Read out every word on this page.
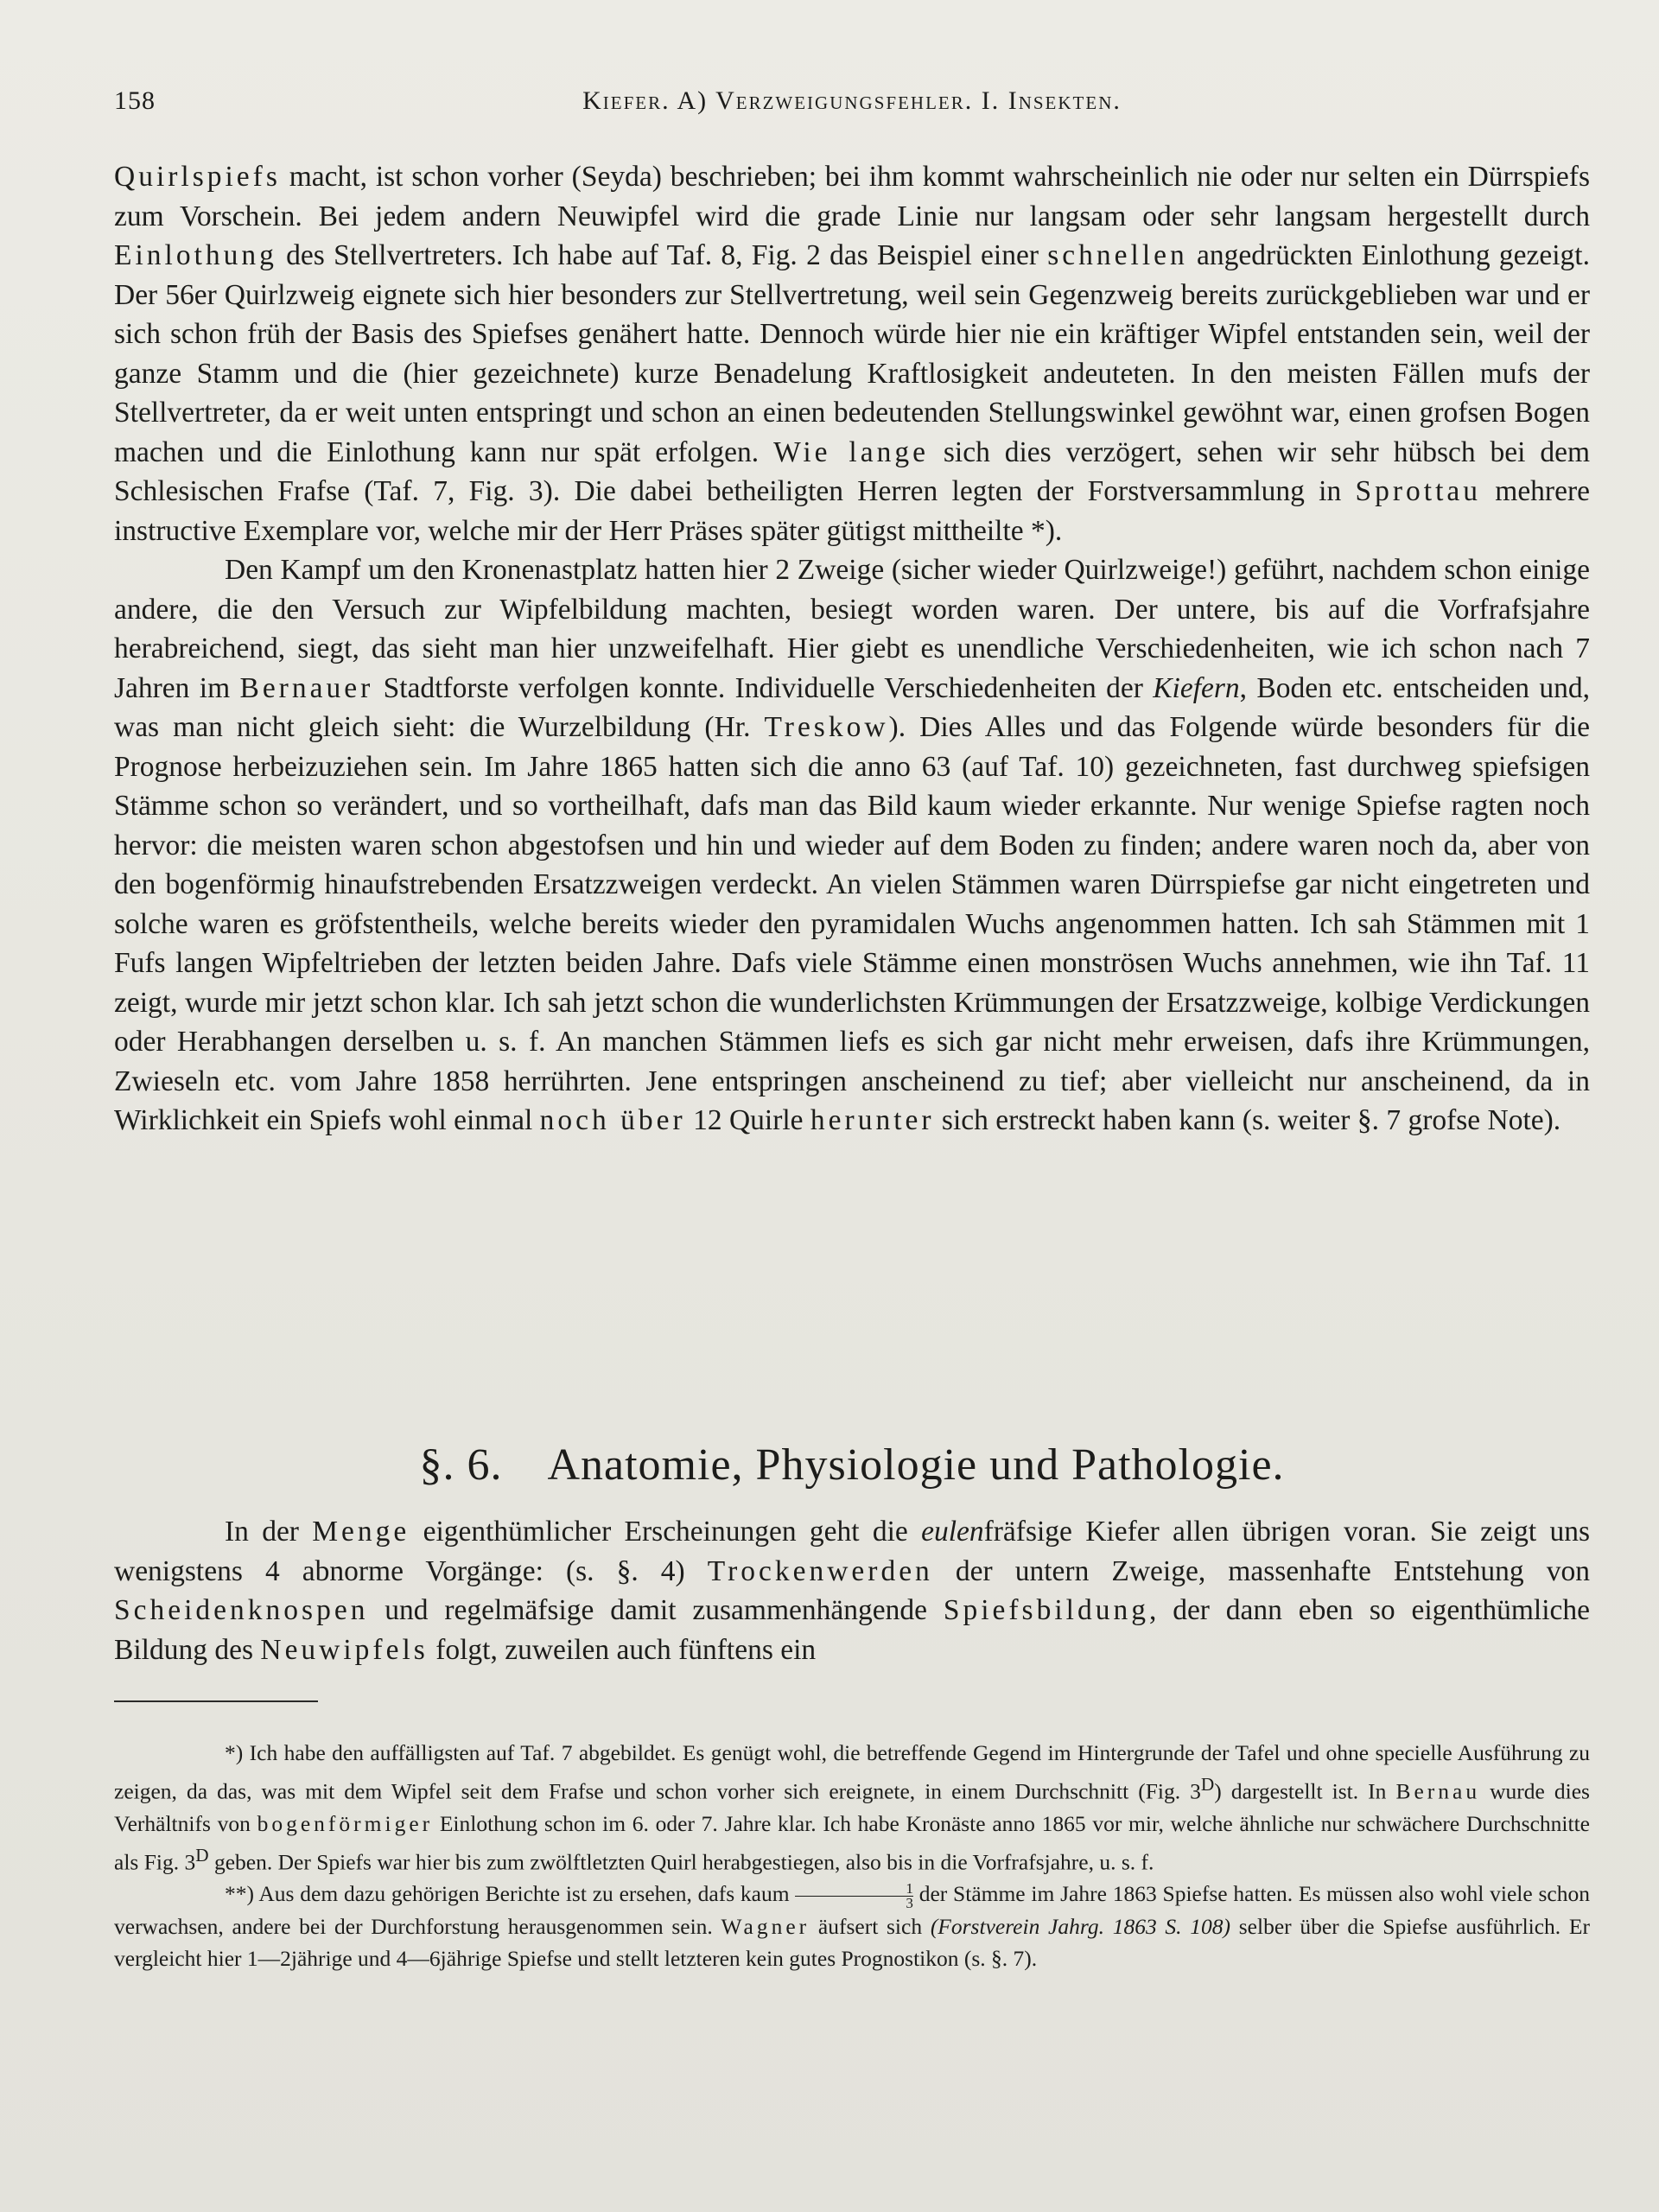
158	Kiefer. A) Verzweigungsfehler. I. Insekten.

Quirlspiefs macht, ist schon vorher (Seyda) beschrieben; bei ihm kommt wahrscheinlich nie oder nur selten ein Dürrspiefs zum Vorschein. Bei jedem andern Neuwipfel wird die grade Linie nur langsam oder sehr langsam hergestellt durch Einlothung des Stellvertreters. Ich habe auf Taf. 8, Fig. 2 das Beispiel einer schnellen angedrückten Einlothung gezeigt. Der 56er Quirlzweig eignete sich hier besonders zur Stellvertretung, weil sein Gegenzweig bereits zurückgeblieben war und er sich schon früh der Basis des Spiefses genähert hatte. Dennoch würde hier nie ein kräftiger Wipfel entstanden sein, weil der ganze Stamm und die (hier gezeichnete) kurze Benadelung Kraftlosigkeit andeuteten. In den meisten Fällen mufs der Stellvertreter, da er weit unten entspringt und schon an einen bedeutenden Stellungswinkel gewöhnt war, einen grofsen Bogen machen und die Einlothung kann nur spät erfolgen. Wie lange sich dies verzögert, sehen wir sehr hübsch bei dem Schlesischen Frafse (Taf. 7, Fig. 3). Die dabei betheiligten Herren legten der Forstversammlung in Sprottau mehrere instructive Exemplare vor, welche mir der Herr Präses später gütigst mittheilte *).

Den Kampf um den Kronenastplatz hatten hier 2 Zweige (sicher wieder Quirlzweige!) geführt, nachdem schon einige andere, die den Versuch zur Wipfelbildung machten, besiegt worden waren. Der untere, bis auf die Vorfrafsjahre herabreichend, siegt, das sieht man hier unzweifelhaft. Hier giebt es unendliche Verschiedenheiten, wie ich schon nach 7 Jahren im Bernauer Stadtforste verfolgen konnte. Individuelle Verschiedenheiten der Kiefern, Boden etc. entscheiden und, was man nicht gleich sieht: die Wurzelbildung (Hr. Treskow). Dies Alles und das Folgende würde besonders für die Prognose herbeizuziehen sein. Im Jahre 1865 hatten sich die anno 63 (auf Taf. 10) gezeichneten, fast durchweg spiefsigen Stämme schon so verändert, und so vortheilhaft, dafs man das Bild kaum wieder erkannte. Nur wenige Spiefse ragten noch hervor: die meisten waren schon abgestofsen und hin und wieder auf dem Boden zu finden; andere waren noch da, aber von den bogenförmig hinaufstrebenden Ersatzzweigen verdeckt. An vielen Stämmen waren Dürrspiefse gar nicht eingetreten und solche waren es gröfstentheils, welche bereits wieder den pyramidalen Wuchs angenommen hatten. Ich sah Stämmen mit 1 Fufs langen Wipfeltrieben der letzten beiden Jahre. Dafs viele Stämme einen monströsen Wuchs annehmen, wie ihn Taf. 11 zeigt, wurde mir jetzt schon klar. Ich sah jetzt schon die wunderlichsten Krümmungen der Ersatzzweige, kolbige Verdickungen oder Herabhangen derselben u. s. f. An manchen Stämmen liefs es sich gar nicht mehr erweisen, dafs ihre Krümmungen, Zwieseln etc. vom Jahre 1858 herrührten. Jene entspringen anscheinend zu tief; aber vielleicht nur anscheinend, da in Wirklichkeit ein Spiefs wohl einmal noch über 12 Quirle herunter sich erstreckt haben kann (s. weiter §. 7 grofse Note).

§. 6. Anatomie, Physiologie und Pathologie.

In der Menge eigenthümlicher Erscheinungen geht die eulenfräfsige Kiefer allen übrigen voran. Sie zeigt uns wenigstens 4 abnorme Vorgänge: (s. §. 4) Trockenwerden der untern Zweige, massenhafte Entstehung von Scheidenknospen und regelmäfsige damit zusammenhängende Spiefsbildung, der dann eben so eigenthümliche Bildung des Neuwipfels folgt, zuweilen auch fünftens ein

*) Ich habe den auffälligsten auf Taf. 7 abgebildet. Es genügt wohl, die betreffende Gegend im Hintergrunde der Tafel und ohne specielle Ausführung zu zeigen, da das, was mit dem Wipfel seit dem Frafse und schon vorher sich ereignete, in einem Durchschnitt (Fig. $3^D$) dargestellt ist. In Bernau wurde dies Verhältnifs von bogenförmiger Einlothung schon im 6. oder 7. Jahre klar. Ich habe Kronäste anno 1865 vor mir, welche ähnliche nur schwächere Durchschnitte als Fig. $3^D$ geben. Der Spiefs war hier bis zum zwölftletzten Quirl herabgestiegen, also bis in die Vorfrafsjahre, u. s. f.

**) Aus dem dazu gehörigen Berichte ist zu ersehen, dafs kaum $\frac{1}{3}$ der Stämme im Jahre 1863 Spiefse hatten. Es müssen also wohl viele schon verwachsen, andere bei der Durchforstung herausgenommen sein. Wagner äufsert sich (Forstverein Jahrg. 1863 S. 108) selber über die Spiefse ausführlich. Er vergleicht hier 1—2jährige und 4—6jährige Spiefse und stellt letzteren kein gutes Prognostikon (s. §. 7).
